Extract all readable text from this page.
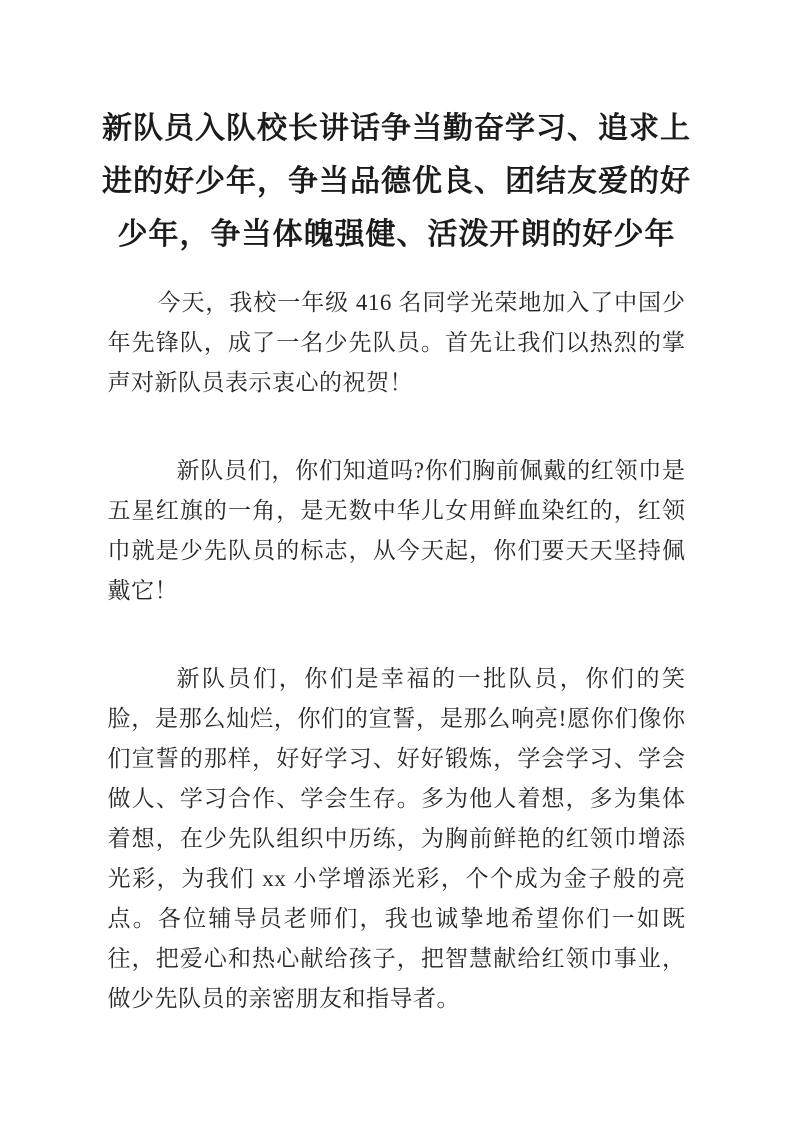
新队员入队校长讲话争当勤奋学习、追求上进的好少年，争当品德优良、团结友爱的好少年，争当体魄强健、活泼开朗的好少年

今天，我校一年级 416 名同学光荣地加入了中国少年先锋队，成了一名少先队员。首先让我们以热烈的掌声对新队员表示衷心的祝贺！

新队员们，你们知道吗?你们胸前佩戴的红领巾是五星红旗的一角，是无数中华儿女用鲜血染红的，红领巾就是少先队员的标志，从今天起，你们要天天坚持佩戴它！

新队员们，你们是幸福的一批队员，你们的笑脸，是那么灿烂，你们的宣誓，是那么响亮!愿你们像你们宣誓的那样，好好学习、好好锻炼，学会学习、学会做人、学习合作、学会生存。多为他人着想，多为集体着想，在少先队组织中历练，为胸前鲜艳的红领巾增添光彩，为我们 xx 小学增添光彩，个个成为金子般的亮点。各位辅导员老师们，我也诚挚地希望你们一如既往，把爱心和热心献给孩子，把智慧献给红领巾事业，做少先队员的亲密朋友和指导者。
